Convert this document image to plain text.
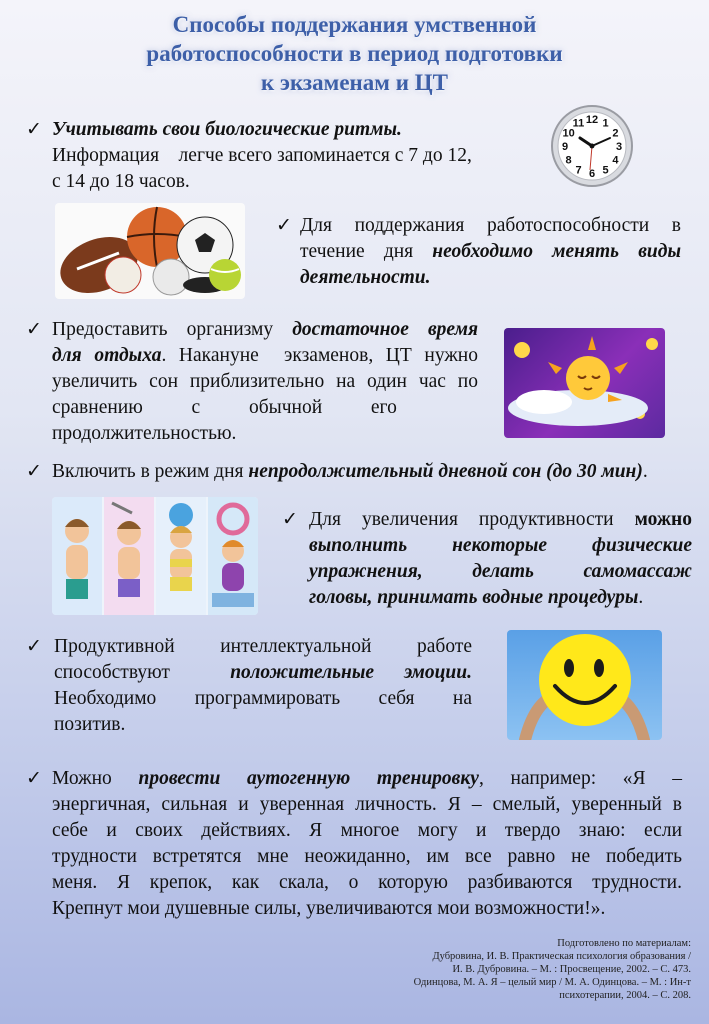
Способы поддержания умственной
работоспособности в период подготовки
к экзаменам и ЦТ
✓ Учитывать свои биологические ритмы.
Информация    легче всего запоминается с 7 до 12,
с 14 до 18 часов.
12 1
2
3
4
5
6
7
8
9
10
11
✓ Для поддержания работоспособности в
течение дня необходимо менять виды
деятельности.
✓ Предоставить организму достаточное время
для отдыха. Накануне  экзаменов, ЦТ нужно
увеличить сон приблизительно на один час по
сравнению          с          обычной          его
продолжительностью.
✓ Включить в режим дня непродолжительный дневной сон (до 30 мин).
✓ Для увеличения продуктивности можно
выполнить некоторые физические
упражнения, делать самомассаж
головы, принимать водные процедуры.
✓ Продуктивной интеллектуальной работе
способствуют  положительные эмоции.
Необходимо программировать себя на
позитив.
✓ Можно провести аутогенную тренировку, например: «Я –
энергичная, сильная и уверенная личность. Я – смелый, уверенный в
себе и своих действиях. Я многое могу и твердо знаю: если
трудности встретятся мне неожиданно, им все равно не победить
меня. Я крепок, как скала, о которую разбиваются трудности.
Крепнут мои душевные силы, увеличиваются мои возможности!».
Подготовлено по материалам:
Дубровина, И. В. Практическая психология образования /
И. В. Дубровина. – М. : Просвещение, 2002. – С. 473.
Одинцова, М. А. Я – целый мир / М. А. Одинцова. – М. : Ин-т
психотерапии, 2004. – С. 208.
